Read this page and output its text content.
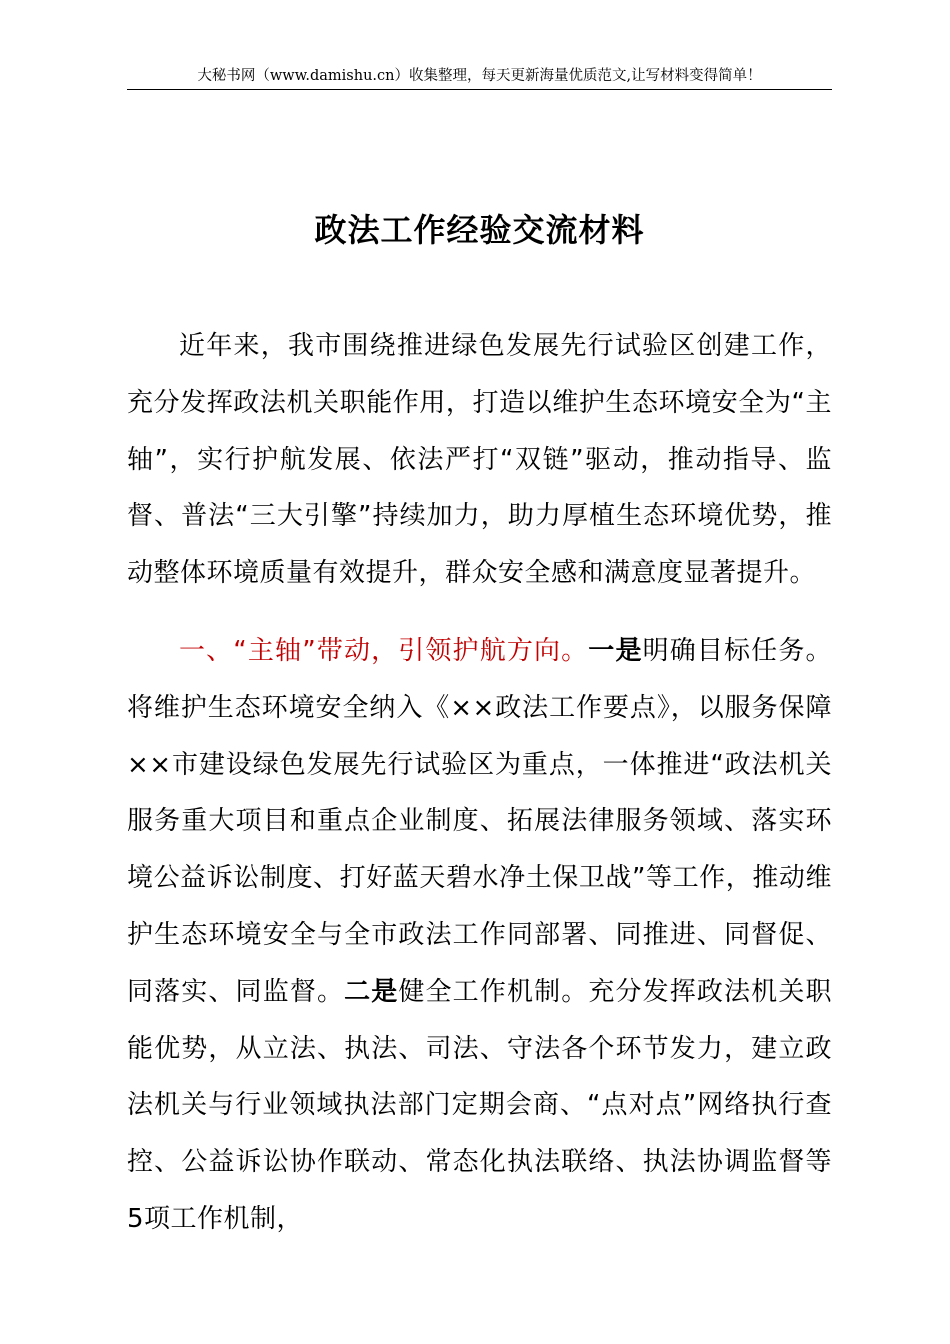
大秘书网（www.damishu.cn）收集整理，每天更新海量优质范文,让写材料变得简单！
政法工作经验交流材料

近年来，我市围绕推进绿色发展先行试验区创建工作，充分发挥政法机关职能作用，打造以维护生态环境安全为“主轴”，实行护航发展、依法严打“双链”驱动，推动指导、监督、普法“三大引擎”持续加力，助力厚植生态环境优势，推动整体环境质量有效提升，群众安全感和满意度显著提升。

一、“主轴”带动，引领护航方向。一是明确目标任务。将维护生态环境安全纳入《××政法工作要点》，以服务保障××市建设绿色发展先行试验区为重点，一体推进“政法机关服务重大项目和重点企业制度、拓展法律服务领域、落实环境公益诉讼制度、打好蓝天碧水净土保卫战”等工作，推动维护生态环境安全与全市政法工作同部署、同推进、同督促、同落实、同监督。二是健全工作机制。充分发挥政法机关职能优势，从立法、执法、司法、守法各个环节发力，建立政法机关与行业领域执法部门定期会商、“点对点”网络执行查控、公益诉讼协作联动、常态化执法联络、执法协调监督等5项工作机制，
